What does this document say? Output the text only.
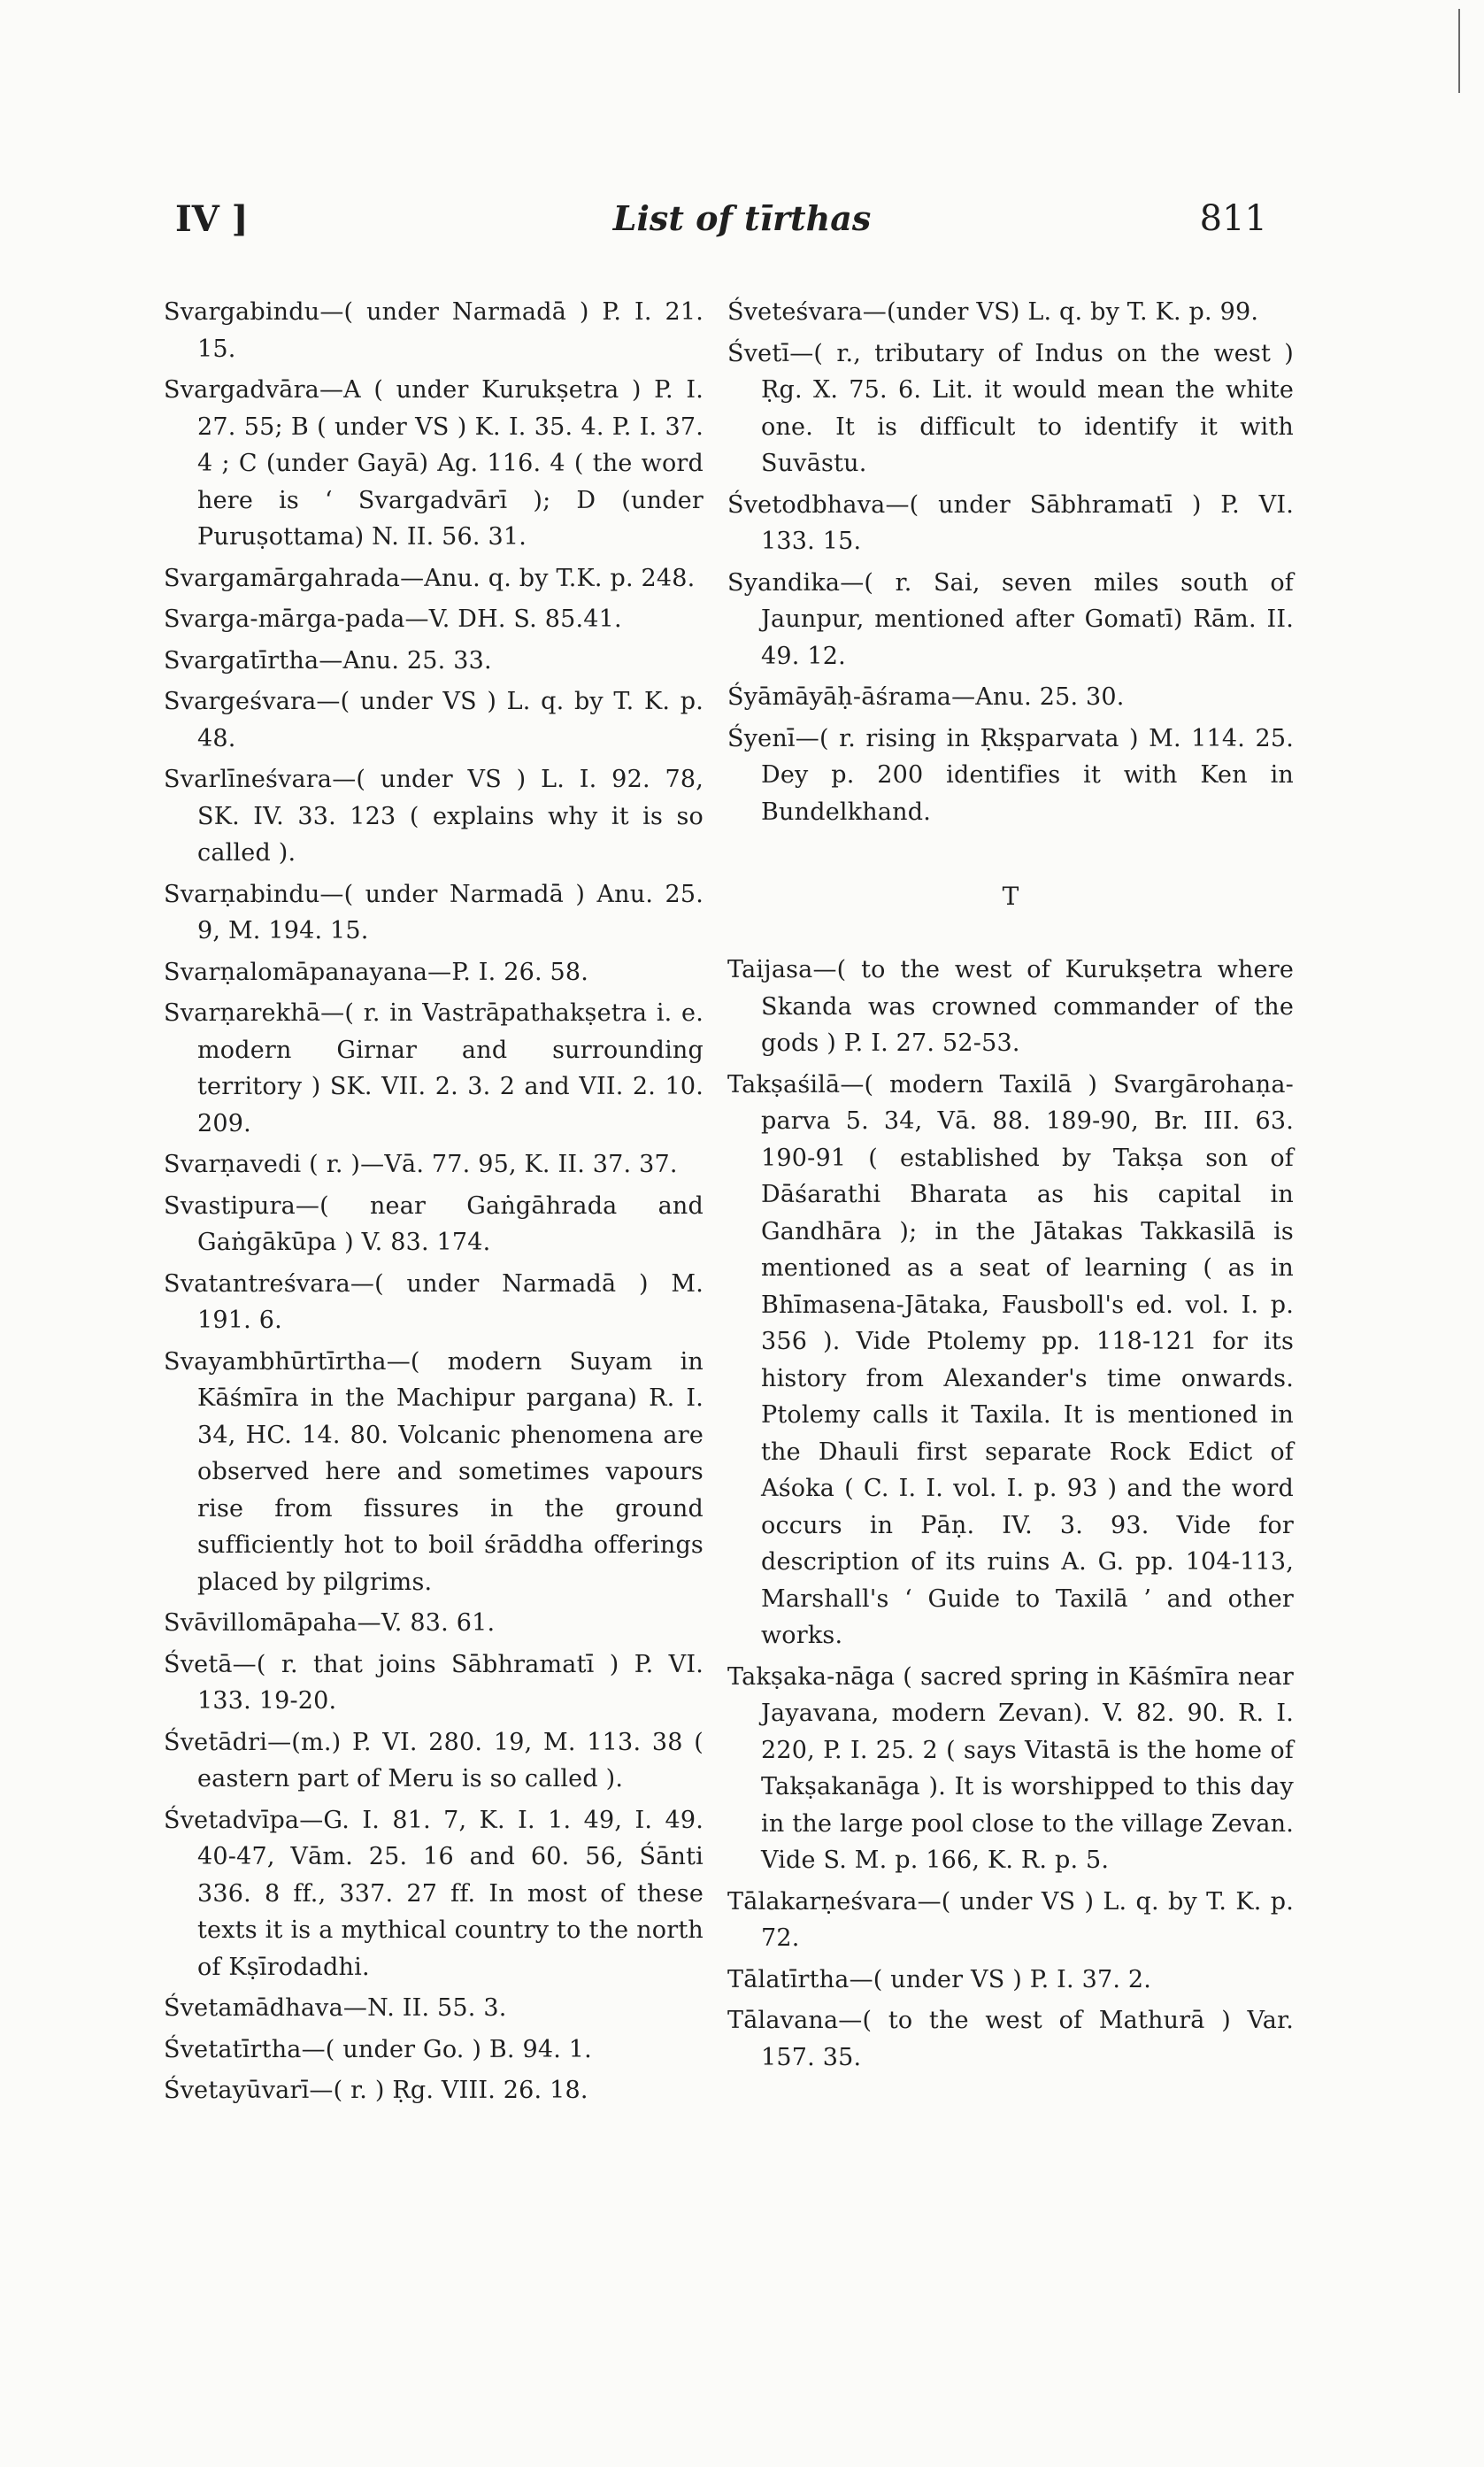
IV ]	List of tīrthas	811

Svargabindu—( under Narmadā ) P. I. 21. 15.

Svargadvāra—A ( under Kurukṣetra ) P. I. 27. 55; B ( under VS ) K. I. 35. 4. P. I. 37. 4 ; C (under Gayā) Ag. 116. 4 ( the word here is ‘ Svargadvārī ); D (under Puruṣottama) N. II. 56. 31.

Svargamārgahrada—Anu. q. by T.K. p. 248.

Svarga-mārga-pada—V. DH. S. 85.41.

Svargatīrtha—Anu. 25. 33.

Svargeśvara—( under VS ) L. q. by T. K. p. 48.

Svarlīneśvara—( under VS ) L. I. 92. 78, SK. IV. 33. 123 ( explains why it is so called ).

Svarṇabindu—( under Narmadā ) Anu. 25. 9, M. 194. 15.

Svarṇalomāpanayana—P. I. 26. 58.

Svarṇarekhā—( r. in Vastrāpathakṣetra i. e. modern Girnar and surrounding territory ) SK. VII. 2. 3. 2 and VII. 2. 10. 209.

Svarṇavedi ( r. )—Vā. 77. 95, K. II. 37. 37.

Svastipura—( near Gaṅgāhrada and Gaṅgākūpa ) V. 83. 174.

Svatantreśvara—( under Narmadā ) M. 191. 6.

Svayambhūrtīrtha—( modern Suyam in Kāśmīra in the Machipur pargana) R. I. 34, HC. 14. 80. Volcanic phenomena are observed here and sometimes vapours rise from fissures in the ground sufficiently hot to boil śrāddha offerings placed by pilgrims.

Svāvillomāpaha—V. 83. 61.

Śvetā—( r. that joins Sābhramatī ) P. VI. 133. 19-20.

Śvetādri—(m.) P. VI. 280. 19, M. 113. 38 ( eastern part of Meru is so called ).

Śvetadvīpa—G. I. 81. 7, K. I. 1. 49, I. 49. 40-47, Vām. 25. 16 and 60. 56, Śānti 336. 8 ff., 337. 27 ff. In most of these texts it is a mythical country to the north of Kṣīrodadhi.

Śvetamādhava—N. II. 55. 3.

Śvetatīrtha—( under Go. ) B. 94. 1.

Śvetayūvarī—( r. ) Ṛg. VIII. 26. 18.

Śveteśvara—(under VS) L. q. by T. K. p. 99.

Śvetī—( r., tributary of Indus on the west ) Ṛg. X. 75. 6. Lit. it would mean the white one. It is difficult to identify it with Suvāstu.

Śvetodbhava—( under Sābhramatī ) P. VI. 133. 15.

Syandika—( r. Sai, seven miles south of Jaunpur, mentioned after Gomatī) Rām. II. 49. 12.

Śyāmāyāḥ-āśrama—Anu. 25. 30.

Śyenī—( r. rising in Ṛkṣparvata ) M. 114. 25. Dey p. 200 identifies it with Ken in Bundelkhand.

T

Taijasa—( to the west of Kurukṣetra where Skanda was crowned commander of the gods ) P. I. 27. 52-53.

Takṣaśilā—( modern Taxilā ) Svargārohaṇa-parva 5. 34, Vā. 88. 189-90, Br. III. 63. 190-91 ( established by Takṣa son of Dāśarathi Bharata as his capital in Gandhāra ); in the Jātakas Takkasilā is mentioned as a seat of learning ( as in Bhīmasena-Jātaka, Fausboll's ed. vol. I. p. 356 ). Vide Ptolemy pp. 118-121 for its history from Alexander's time onwards. Ptolemy calls it Taxila. It is mentioned in the Dhauli first separate Rock Edict of Aśoka ( C. I. I. vol. I. p. 93 ) and the word occurs in Pāṇ. IV. 3. 93. Vide for description of its ruins A. G. pp. 104-113, Marshall's ‘ Guide to Taxilā ’ and other works.

Takṣaka-nāga ( sacred spring in Kāśmīra near Jayavana, modern Zevan). V. 82. 90. R. I. 220, P. I. 25. 2 ( says Vitastā is the home of Takṣakanāga ). It is worshipped to this day in the large pool close to the village Zevan. Vide S. M. p. 166, K. R. p. 5.

Tālakarṇeśvara—( under VS ) L. q. by T. K. p. 72.

Tālatīrtha—( under VS ) P. I. 37. 2.

Tālavana—( to the west of Mathurā ) Var. 157. 35.
